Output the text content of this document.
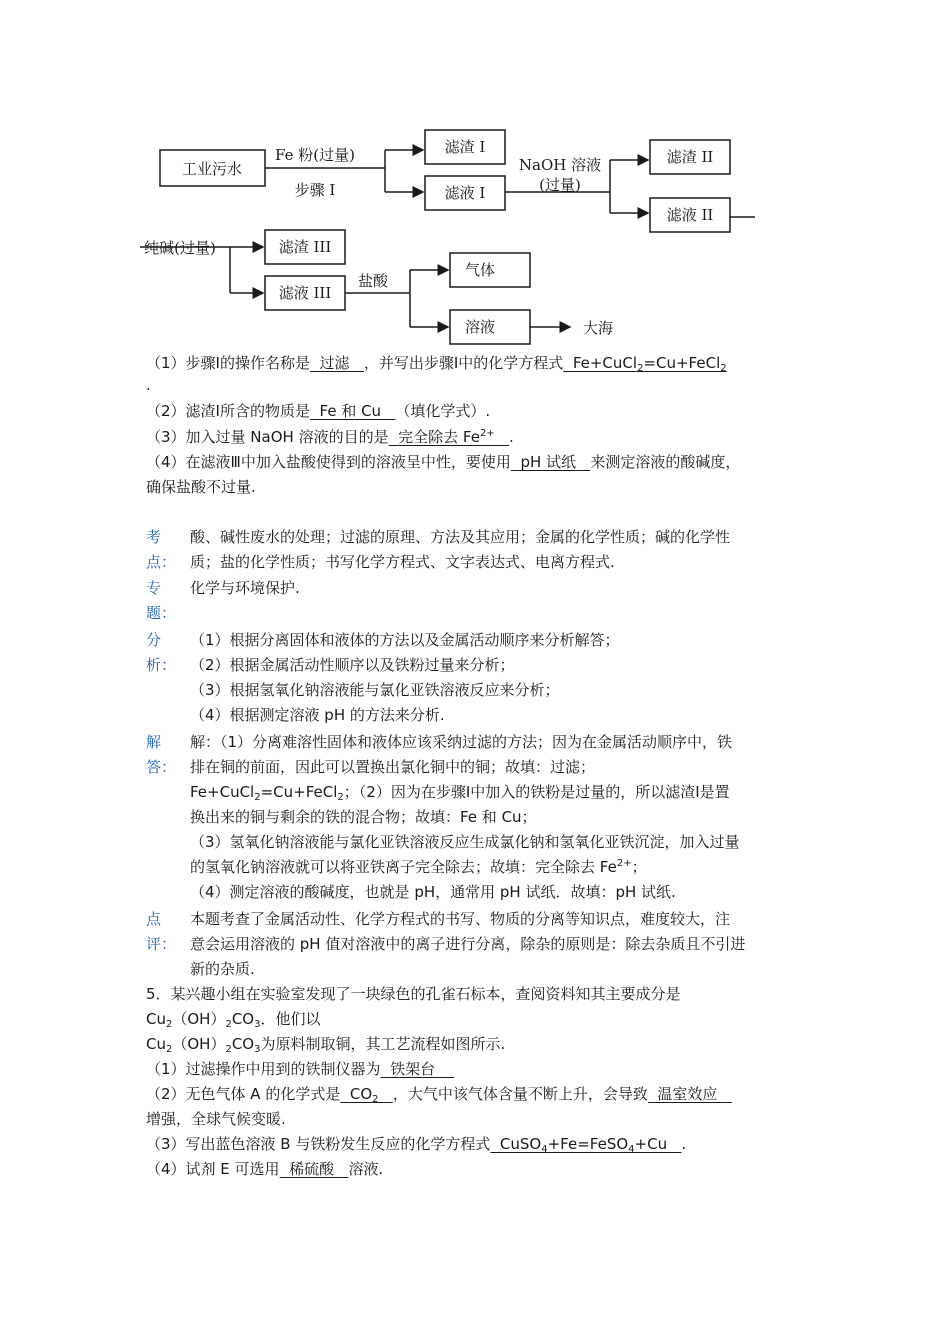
工业污水
Fe 粉(过量)
步骤 I
滤渣 I
滤液 I
NaOH 溶液
(过量)
滤渣 II
滤液 II
纯碱(过量)	滤渣 III
滤液 III
盐酸
气体
溶液	大海
（1）步骤Ⅰ的操作名称是 过滤 ，并写出步骤Ⅰ中的化学方程式 Fe+CuCl$_2$=Cu+FeCl$_2$
.
（2）滤渣Ⅰ所含的物质是 Fe 和 Cu （填化学式）.
（3）加入过量 NaOH 溶液的目的是 完全除去 $Fe^{2+}$ .
（4）在滤液Ⅲ中加入盐酸使得到的溶液呈中性，要使用 pH 试纸 来测定溶液的酸碱度，
确保盐酸不过量.
考
点：
酸、碱性废水的处理；过滤的原理、方法及其应用；金属的化学性质；碱的化学性
质；盐的化学性质；书写化学方程式、文字表达式、电离方程式.
专
题：
化学与环境保护.
分
析：
（1）根据分离固体和液体的方法以及金属活动顺序来分析解答；
（2）根据金属活动性顺序以及铁粉过量来分析；
（3）根据氢氧化钠溶液能与氯化亚铁溶液反应来分析；
（4）根据测定溶液 pH 的方法来分析.
解
答：
解：（1）分离难溶性固体和液体应该采纳过滤的方法；因为在金属活动顺序中，铁
排在铜的前面，因此可以置换出氯化铜中的铜；故填：过滤；
Fe+CuCl$_2$=Cu+FeCl$_2$；（2）因为在步骤Ⅰ中加入的铁粉是过量的，所以滤渣Ⅰ是置
换出来的铜与剩余的铁的混合物；故填：Fe 和 Cu；
（3）氢氧化钠溶液能与氯化亚铁溶液反应生成氯化钠和氢氧化亚铁沉淀，加入过量
的氢氧化钠溶液就可以将亚铁离子完全除去；故填：完全除去 $Fe^{2+}$；
（4）测定溶液的酸碱度，也就是 pH，通常用 pH 试纸．故填：pH 试纸.
点
评：
本题考查了金属活动性、化学方程式的书写、物质的分离等知识点，难度较大，注
意会运用溶液的 pH 值对溶液中的离子进行分离，除杂的原则是：除去杂质且不引进
新的杂质.
5．某兴趣小组在实验室发现了一块绿色的孔雀石标本，查阅资料知其主要成分是
$Cu_2(OH)_2CO_3$．他们以
$Cu_2(OH)_2CO_3$为原料制取铜，其工艺流程如图所示.
（1）过滤操作中用到的铁制仪器为 铁架台
（2）无色气体 A 的化学式是 $CO_2$ ，大气中该气体含量不断上升，会导致 温室效应
增强，全球气候变暖.
（3）写出蓝色溶液 B 与铁粉发生反应的化学方程式 CuSO$_4$+Fe=FeSO$_4$+Cu .
（4）试剂 E 可选用 稀硫酸 溶液.
